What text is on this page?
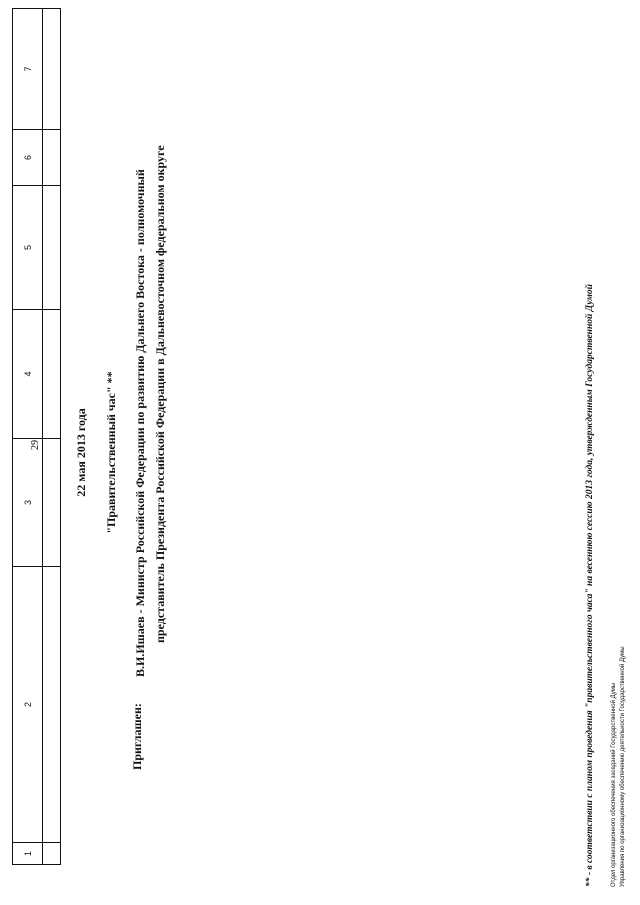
29
1	2	3	4	5	6	7

22 мая 2013 года "Правительственный час" **
Приглашен:
В.И.Ишаев - Министр Российской Федерации по развитию Дальнего Востока - полномочный представитель Президента Российской Федерации в Дальневосточном федеральном округе
** - в соответствии с планом проведения "правительственного часа" на весеннюю сессию 2013 года, утвержденным Государственной Думой
Отдел организационного обеспечения заседаний Государственной Думы Управления по организационному обеспечению деятельности Государственной Думы
